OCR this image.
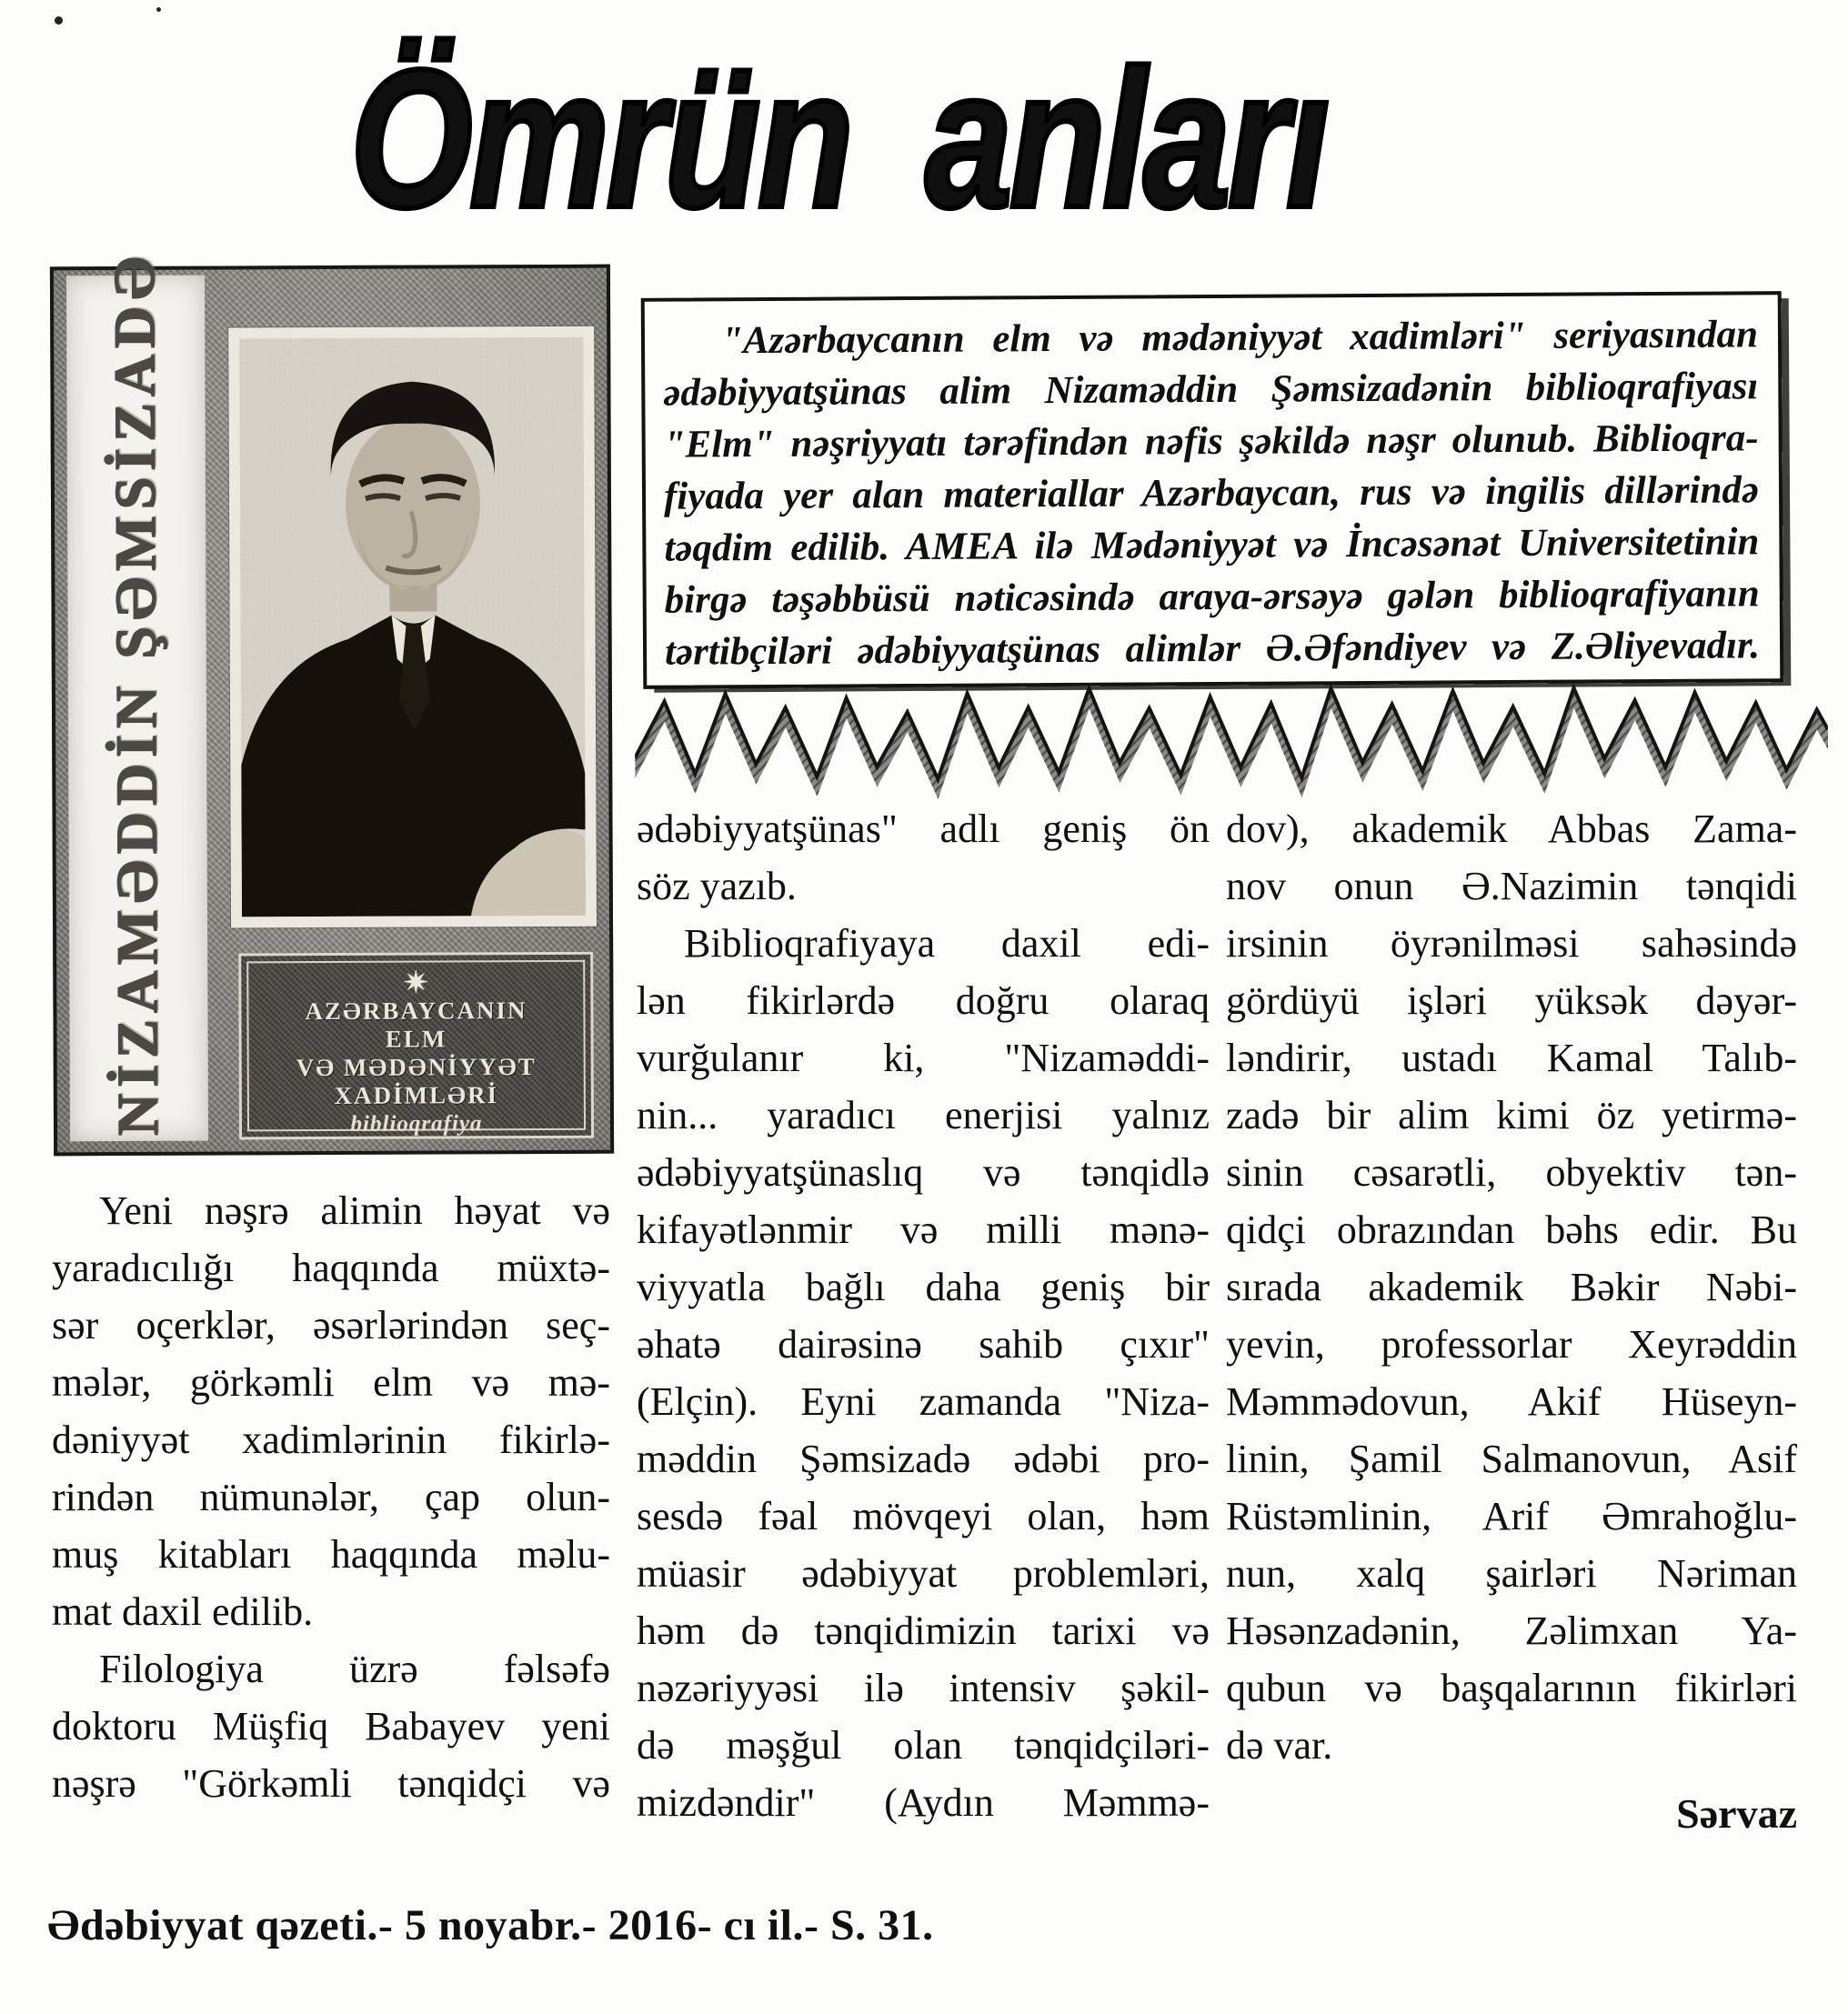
Ömrün anları
NİZAMƏDDİN ŞƏMSİZADƏ	AZƏRBAYCANIN
ELM
VƏ MƏDƏNİYYƏT
XADİMLƏRİ
biblioqrafiya
"Azərbaycanın elm və mədəniyyət xadimləri" seriyasından
ədəbiyyatşünas alim Nizaməddin Şəmsizadənin biblioqrafiyası
"Elm" nəşriyyatı tərəfindən nəfis şəkildə nəşr olunub. Biblioqra-
fiyada yer alan materiallar Azərbaycan, rus və ingilis dillərində
təqdim edilib. AMEA ilə Mədəniyyət və İncəsənət Universitetinin
birgə təşəbbüsü nəticəsində araya-ərsəyə gələn biblioqrafiyanın
tərtibçiləri ədəbiyyatşünas alimlər Ə.Əfəndiyev və Z.Əliyevadır.
Yeni nəşrə alimin həyat və
yaradıcılığı haqqında müxtə-
sər oçerklər, əsərlərindən seç-
mələr, görkəmli elm və mə-
dəniyyət xadimlərinin fikirlə-
rindən nümunələr, çap olun-
muş kitabları haqqında məlu-
mat daxil edilib.
Filologiya üzrə fəlsəfə
doktoru Müşfiq Babayev yeni
nəşrə "Görkəmli tənqidçi və
ədəbiyyatşünas" adlı geniş ön
söz yazıb.
Biblioqrafiyaya daxil edi-
lən fikirlərdə doğru olaraq
vurğulanır ki, "Nizaməddi-
nin... yaradıcı enerjisi yalnız
ədəbiyyatşünaslıq və tənqidlə
kifayətlənmir və milli mənə-
viyyatla bağlı daha geniş bir
əhatə dairəsinə sahib çıxır"
(Elçin). Eyni zamanda "Niza-
məddin Şəmsizadə ədəbi pro-
sesdə fəal mövqeyi olan, həm
müasir ədəbiyyat problemləri,
həm də tənqidimizin tarixi və
nəzəriyyəsi ilə intensiv şəkil-
də məşğul olan tənqidçiləri-
mizdəndir" (Aydın Məmmə-
dov), akademik Abbas Zama-
nov onun Ə.Nazimin tənqidi
irsinin öyrənilməsi sahəsində
gördüyü işləri yüksək dəyər-
ləndirir, ustadı Kamal Talıb-
zadə bir alim kimi öz yetirmə-
sinin cəsarətli, obyektiv tən-
qidçi obrazından bəhs edir. Bu
sırada akademik Bəkir Nəbi-
yevin, professorlar Xeyrəddin
Məmmədovun, Akif Hüseyn-
linin, Şamil Salmanovun, Asif
Rüstəmlinin, Arif Əmrahoğlu-
nun, xalq şairləri Nəriman
Həsənzadənin, Zəlimxan Ya-
qubun və başqalarının fikirləri
də var.
Sərvaz
Ədəbiyyat qəzeti.- 5 noyabr.- 2016- cı il.- S. 31.
